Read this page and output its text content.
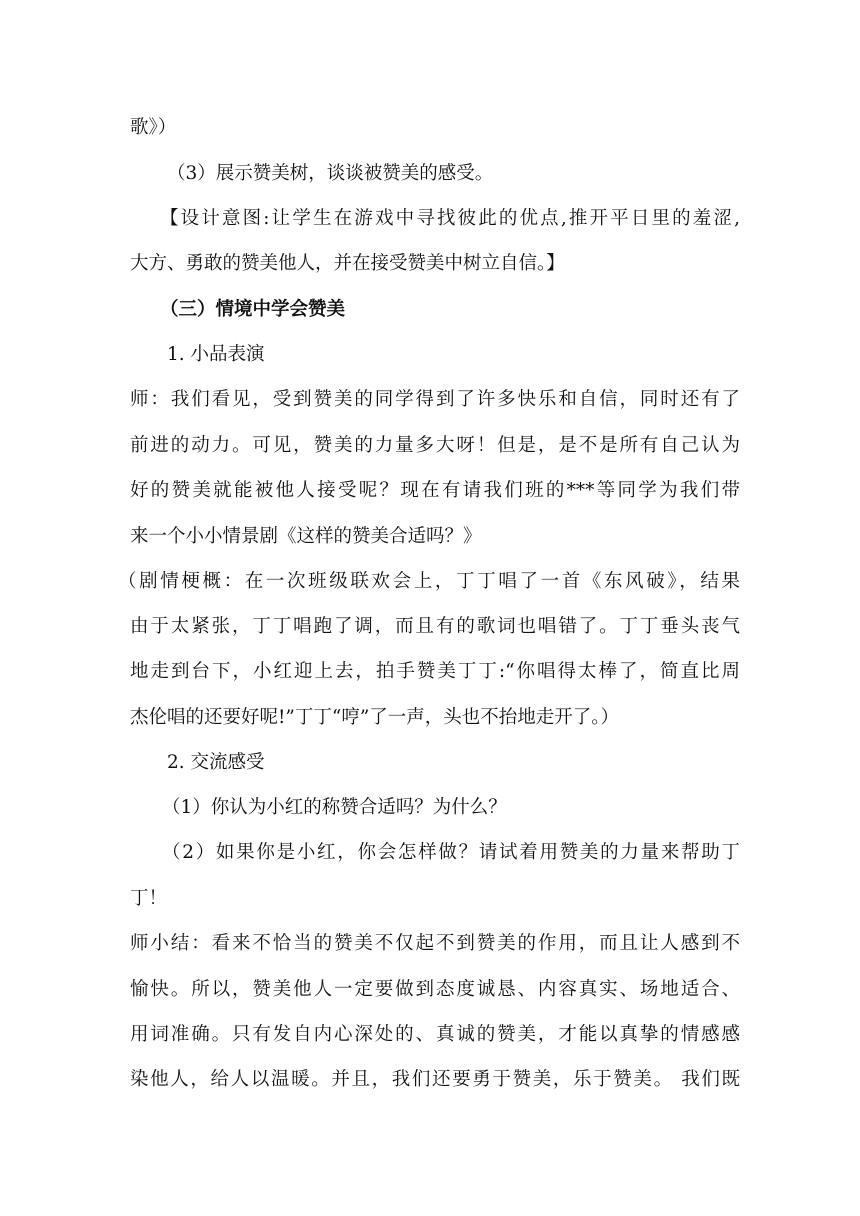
歌》）
（3）展示赞美树，谈谈被赞美的感受。
【设计意图:让学生在游戏中寻找彼此的优点,推开平日里的羞涩,
大方、勇敢的赞美他人，并在接受赞美中树立自信。】
（三）情境中学会赞美
1. 小品表演
师：我们看见，受到赞美的同学得到了许多快乐和自信，同时还有了
前进的动力。可见，赞美的力量多大呀！但是，是不是所有自己认为
好的赞美就能被他人接受呢？现在有请我们班的***等同学为我们带
来一个小小情景剧《这样的赞美合适吗？》
（剧情梗概：在一次班级联欢会上，丁丁唱了一首《东风破》，结果
由于太紧张，丁丁唱跑了调，而且有的歌词也唱错了。丁丁垂头丧气
地走到台下，小红迎上去，拍手赞美丁丁:“你唱得太棒了，简直比周
杰伦唱的还要好呢!”丁丁“哼”了一声，头也不抬地走开了。）
2. 交流感受
（1）你认为小红的称赞合适吗？为什么？
（2）如果你是小红，你会怎样做？请试着用赞美的力量来帮助丁
丁！
师小结：看来不恰当的赞美不仅起不到赞美的作用，而且让人感到不
愉快。所以，赞美他人一定要做到态度诚恳、内容真实、场地适合、
用词准确。只有发自内心深处的、真诚的赞美，才能以真挚的情感感
染他人，给人以温暖。并且，我们还要勇于赞美，乐于赞美。 我们既
